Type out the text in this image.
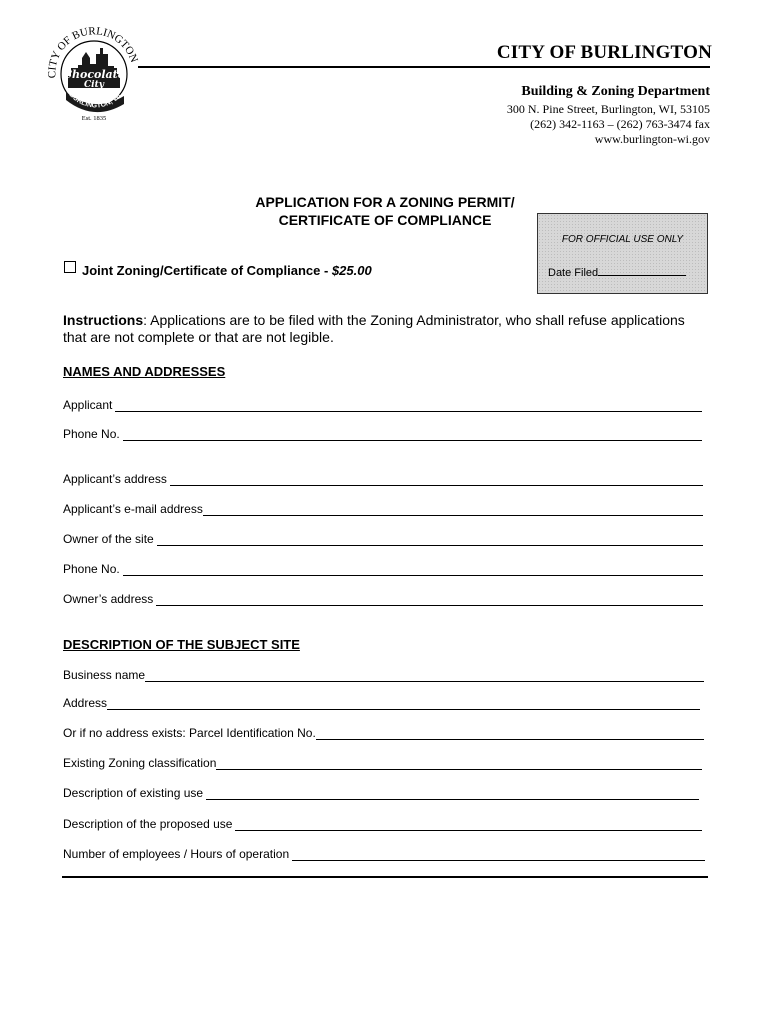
Chocolate
City
CITY OF BURLINGTON
BURLINGTON, WI
Est. 1835
CITY OF BURLINGTON
Building & Zoning Department
300 N. Pine Street, Burlington, WI, 53105
(262) 342-1163 – (262) 763-3474 fax
www.burlington-wi.gov
APPLICATION FOR A ZONING PERMIT/
CERTIFICATE OF COMPLIANCE
FOR OFFICIAL USE ONLY
Date Filed
Joint Zoning/Certificate of Compliance - $25.00
Instructions: Applications are to be filed with the Zoning Administrator, who shall refuse applications that are not complete or that are not legible.
NAMES AND ADDRESSES
Applicant
Phone No.
Applicant’s address
Applicant’s e-mail address
Owner of the site
Phone No.
Owner’s address
DESCRIPTION OF THE SUBJECT SITE
Business name
Address
Or if no address exists: Parcel Identification No.
Existing Zoning classification
Description of existing use
Description of the proposed use
Number of employees / Hours of operation
